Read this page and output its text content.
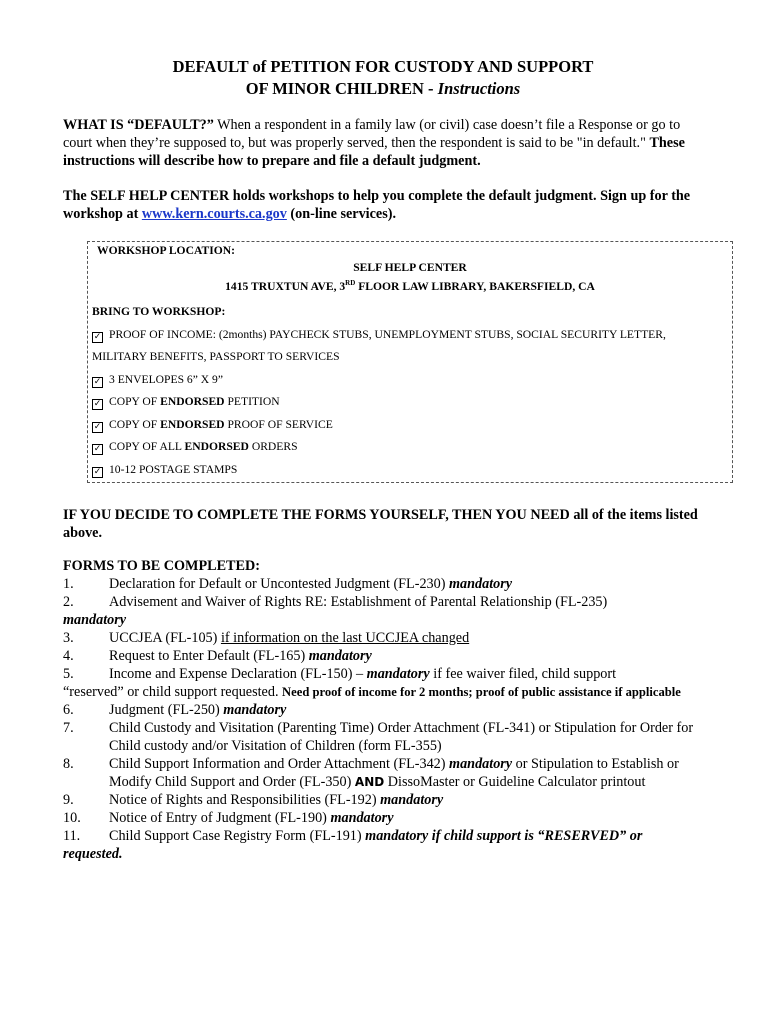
DEFAULT of PETITION FOR CUSTODY AND SUPPORT
OF MINOR CHILDREN - Instructions

WHAT IS “DEFAULT?” When a respondent in a family law (or civil) case doesn’t file a Response or go to court when they’re supposed to, but was properly served, then the respondent is said to be "in default." These instructions will describe how to prepare and file a default judgment.

The SELF HELP CENTER holds workshops to help you complete the default judgment. Sign up for the workshop at www.kern.courts.ca.gov (on-line services).

IF YOU DECIDE TO COMPLETE THE FORMS YOURSELF, THEN YOU NEED all of the items listed above.

FORMS TO BE COMPLETED:

1.	Declaration for Default or Uncontested Judgment (FL-230) mandatory
2.	Advisement and Waiver of Rights RE: Establishment of Parental Relationship (FL-235)
mandatory
3.	UCCJEA (FL-105) if information on the last UCCJEA changed
4.	Request to Enter Default (FL-165) mandatory
5.	Income and Expense Declaration (FL-150) – mandatory if fee waiver filed, child support
“reserved” or child support requested. Need proof of income for 2 months; proof of public assistance if applicable
6.	Judgment (FL-250) mandatory
7.	Child Custody and Visitation (Parenting Time) Order Attachment (FL-341) or Stipulation for Order for Child custody and/or Visitation of Children (form FL-355)
8.	Child Support Information and Order Attachment (FL-342) mandatory or Stipulation to Establish or Modify Child Support and Order (FL-350) AND DissoMaster or Guideline Calculator printout
9.	Notice of Rights and Responsibilities (FL-192) mandatory
10.	Notice of Entry of Judgment (FL-190) mandatory
11. Child Support Case Registry Form (FL-191) mandatory if child support is “RESERVED” or requested.
WORKSHOP LOCATION:
SELF HELP CENTER
1415 TRUXTUN AVE, 3RD FLOOR LAW LIBRARY, BAKERSFIELD, CA
BRING TO WORKSHOP:
✓ PROOF OF INCOME: (2months) PAYCHECK STUBS, UNEMPLOYMENT STUBS, SOCIAL SECURITY LETTER,
MILITARY BENEFITS, PASSPORT TO SERVICES
✓ 3 ENVELOPES 6” X 9”
✓ COPY OF ENDORSED PETITION
✓ COPY OF ENDORSED PROOF OF SERVICE
✓ COPY OF ALL ENDORSED ORDERS
✓ 10-12 POSTAGE STAMPS
